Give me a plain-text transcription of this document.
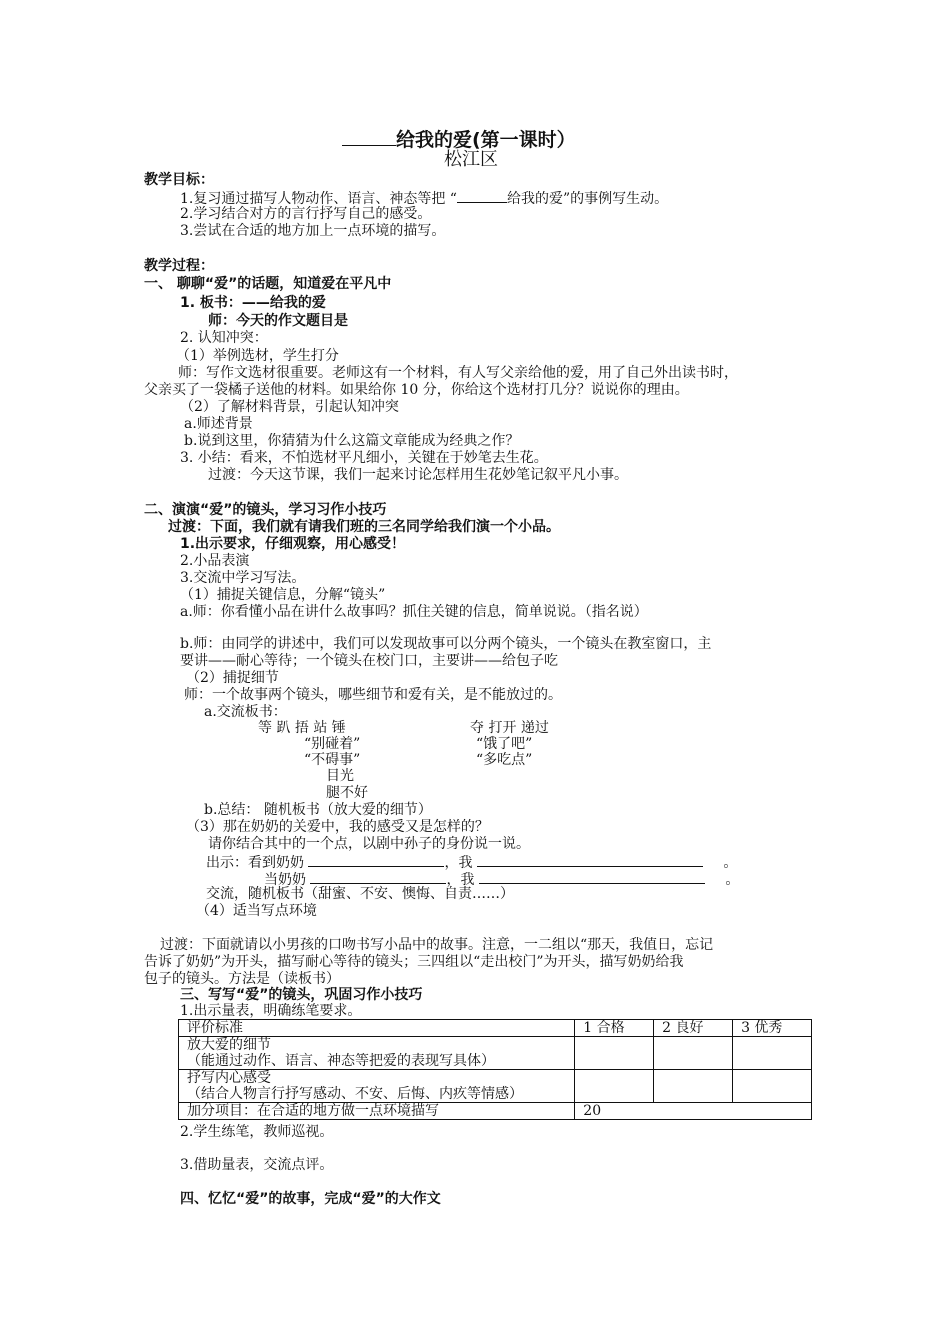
给我的爱(第一课时）
松江区
教学目标：
1.复习通过描写人物动作、语言、神态等把 “	给我的爱”的事例写生动。
2.学习结合对方的言行抒写自己的感受。
3.尝试在合适的地方加上一点环境的描写。
教学过程：
一、 聊聊“爱”的话题，知道爱在平凡中
1. 板书：——给我的爱
师：今天的作文题目是
2. 认知冲突：
（1）举例选材，学生打分
师：写作文选材很重要。老师这有一个材料，有人写父亲给他的爱，用了自己外出读书时，
父亲买了一袋橘子送他的材料。如果给你 10 分，你给这个选材打几分？说说你的理由。
（2）了解材料背景，引起认知冲突
a.师述背景
b.说到这里，你猜猜为什么这篇文章能成为经典之作？
3. 小结：看来，不怕选材平凡细小，关键在于妙笔去生花。
过渡：今天这节课，我们一起来讨论怎样用生花妙笔记叙平凡小事。
二、演演“爱”的镜头，学习习作小技巧
过渡：下面，我们就有请我们班的三名同学给我们演一个小品。
1.出示要求，仔细观察，用心感受！
2.小品表演
3.交流中学习写法。
（1）捕捉关键信息，分解“镜头”
a.师：你看懂小品在讲什么故事吗？抓住关键的信息，简单说说。（指名说）
b.师：由同学的讲述中，我们可以发现故事可以分两个镜头，一个镜头在教室窗口，主
要讲——耐心等待；一个镜头在校门口，主要讲——给包子吃
（2）捕捉细节
师：一个故事两个镜头，哪些细节和爱有关，是不能放过的。
a.交流板书：
等 趴 捂 站 锤	夺 打开 递过
“别碰着”	“饿了吧”
“不碍事”	“多吃点”
目光
腿不好
b.总结： 随机板书（放大爱的细节）
（3）那在奶奶的关爱中，我的感受又是怎样的？
请你结合其中的一个点，以剧中孙子的身份说一说。
出示：看到奶奶	，我	。
当奶奶	，我	。
交流，随机板书（甜蜜、不安、懊悔、自责……）
（4）适当写点环境
过渡：下面就请以小男孩的口吻书写小品中的故事。注意，一二组以“那天，我值日，忘记
告诉了奶奶”为开头，描写耐心等待的镜头；三四组以“走出校门”为开头，描写奶奶给我
包子的镜头。方法是（读板书）
三、写写“爱”的镜头，巩固习作小技巧
1.出示量表，明确练笔要求。
评价标准	1 合格	2 良好	3 优秀

放大爱的细节
（能通过动作、语言、神态等把爱的表现写具体）			

抒写内心感受
（结合人物言行抒写感动、不安、后悔、内疚等情感）			

加分项目：在合适的地方做一点环境描写	20		
2.学生练笔，教师巡视。
3.借助量表，交流点评。
四、忆忆“爱”的故事，完成“爱”的大作文
